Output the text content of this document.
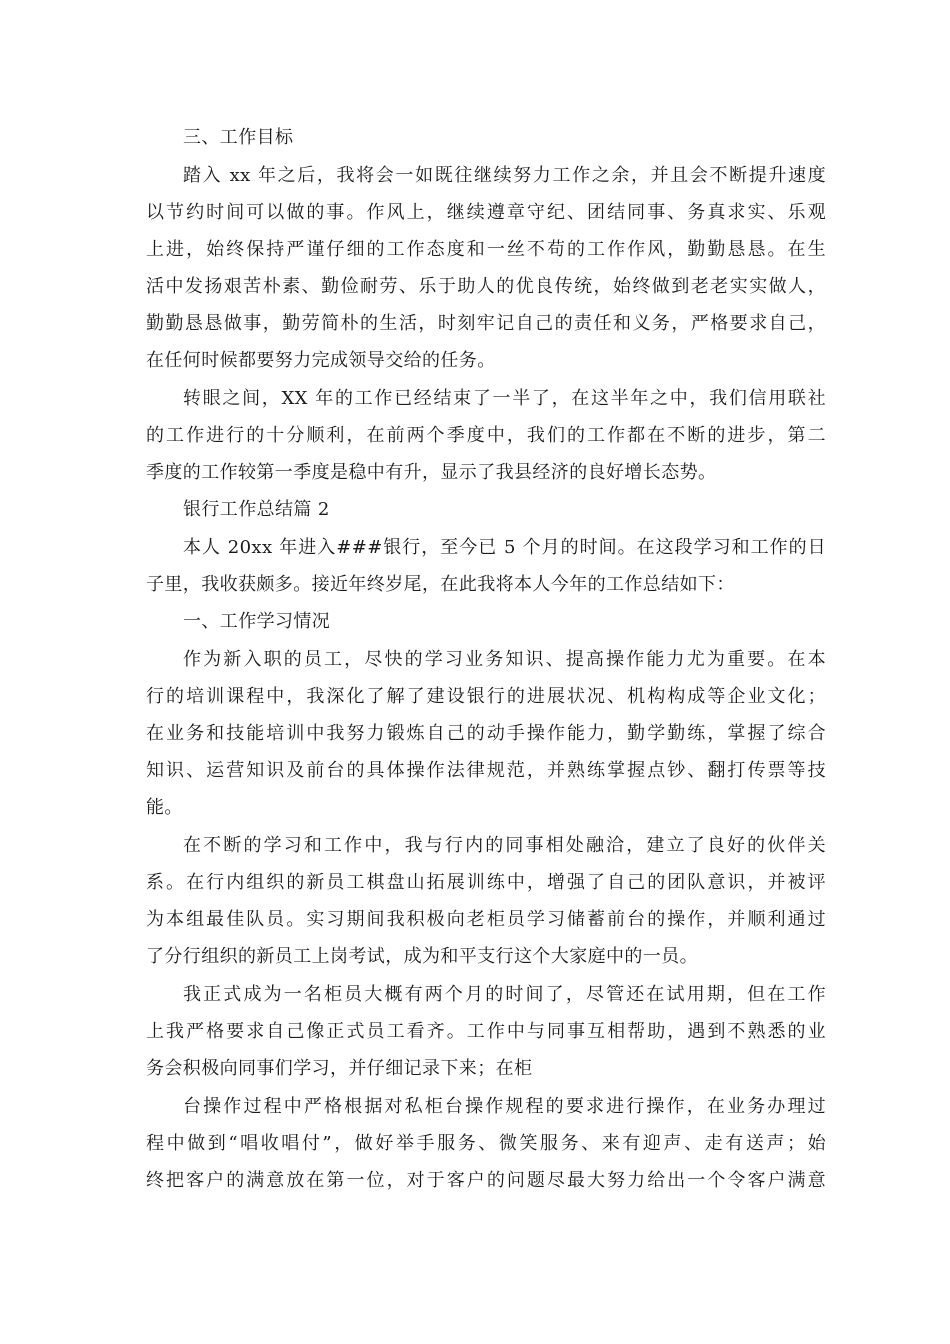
三、工作目标
踏入 xx 年之后，我将会一如既往继续努力工作之余，并且会不断提升速度
以节约时间可以做的事。作风上，继续遵章守纪、团结同事、务真求实、乐观
上进，始终保持严谨仔细的工作态度和一丝不苟的工作作风，勤勤恳恳。在生
活中发扬艰苦朴素、勤俭耐劳、乐于助人的优良传统，始终做到老老实实做人，
勤勤恳恳做事，勤劳简朴的生活，时刻牢记自己的责任和义务，严格要求自己，
在任何时候都要努力完成领导交给的任务。
转眼之间，XX 年的工作已经结束了一半了，在这半年之中，我们信用联社
的工作进行的十分顺利，在前两个季度中，我们的工作都在不断的进步，第二
季度的工作较第一季度是稳中有升，显示了我县经济的良好增长态势。
银行工作总结篇 2
本人 20xx 年进入###银行，至今已 5 个月的时间。在这段学习和工作的日
子里，我收获颇多。接近年终岁尾，在此我将本人今年的工作总结如下：
一、工作学习情况
作为新入职的员工，尽快的学习业务知识、提高操作能力尤为重要。在本
行的培训课程中，我深化了解了建设银行的进展状况、机构构成等企业文化；
在业务和技能培训中我努力锻炼自己的动手操作能力，勤学勤练，掌握了综合
知识、运营知识及前台的具体操作法律规范，并熟练掌握点钞、翻打传票等技
能。
在不断的学习和工作中，我与行内的同事相处融洽，建立了良好的伙伴关
系。在行内组织的新员工棋盘山拓展训练中，增强了自己的团队意识，并被评
为本组最佳队员。实习期间我积极向老柜员学习储蓄前台的操作，并顺利通过
了分行组织的新员工上岗考试，成为和平支行这个大家庭中的一员。
我正式成为一名柜员大概有两个月的时间了，尽管还在试用期，但在工作
上我严格要求自己像正式员工看齐。工作中与同事互相帮助，遇到不熟悉的业
务会积极向同事们学习，并仔细记录下来；在柜
台操作过程中严格根据对私柜台操作规程的要求进行操作，在业务办理过
程中做到“唱收唱付”，做好举手服务、微笑服务、来有迎声、走有送声；始
终把客户的满意放在第一位，对于客户的问题尽最大努力给出一个令客户满意
